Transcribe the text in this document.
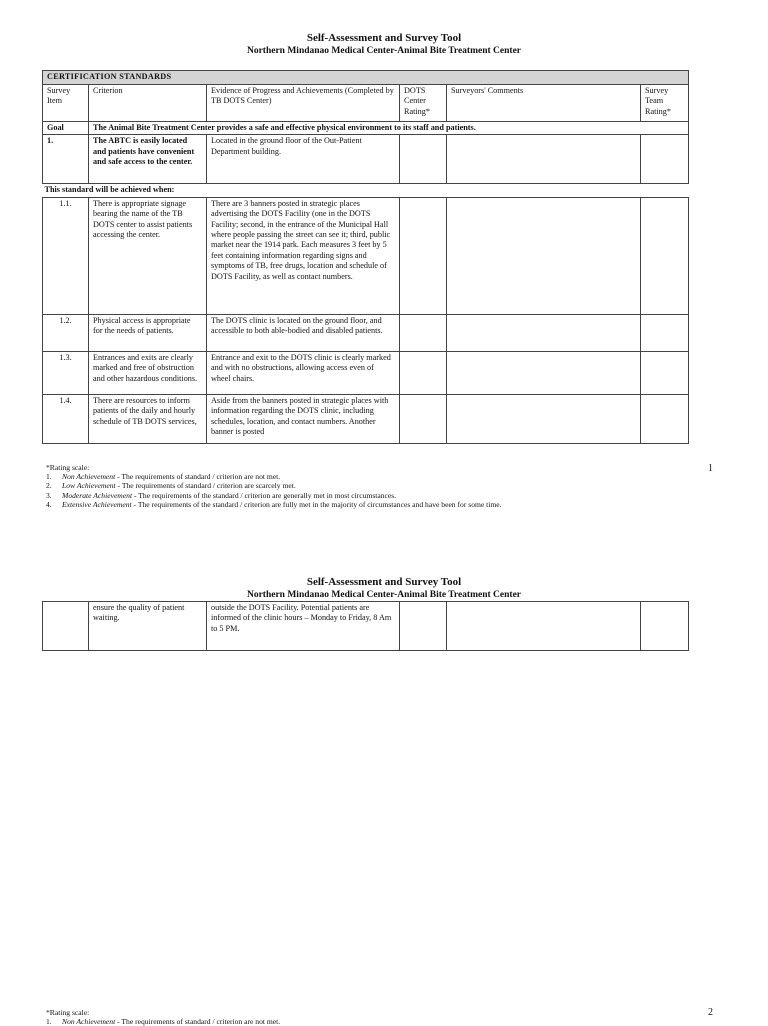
Self-Assessment and Survey Tool
Northern Mindanao Medical Center-Animal Bite Treatment Center
CERTIFICATION STANDARDS					
Survey Item	Criterion	Evidence of Progress and Achievements (Completed by TB DOTS Center)	DOTS Center Rating*	Surveyors' Comments	Survey Team Rating*
Goal	The Animal Bite Treatment Center provides a safe and effective physical environment to its staff and patients.				
1.	The ABTC is easily located and patients have convenient and safe access to the center.	Located in the ground floor of the Out-Patient Department building.			
This standard will be achieved when:					
1.1.	There is appropriate signage bearing the name of the TB DOTS center to assist patients accessing the center.	There are 3 banners posted in strategic places advertising the DOTS Facility (one in the DOTS Facility; second, in the entrance of the Municipal Hall where people passing the street can see it; third, public market near the 1914 park. Each measures 3 feet by 5 feet containing information regarding signs and symptoms of TB, free drugs, location and schedule of DOTS Facility, as well as contact numbers.			
1.2.	Physical access is appropriate for the needs of patients.	The DOTS clinic is located on the ground floor, and accessible to both able-bodied and disabled patients.			
1.3.	Entrances and exits are clearly marked and free of obstruction and other hazardous conditions.	Entrance and exit to the DOTS clinic is clearly marked and with no obstructions, allowing access even of wheel chairs.			
1.4.	There are resources to inform patients of the daily and hourly schedule of TB DOTS services,	Aside from the banners posted in strategic places with information regarding the DOTS clinic, including schedules, location, and contact numbers. Another banner is posted			
*Rating scale:
1. Non Achievement - The requirements of standard / criterion are not met.
2. Low Achievement - The requirements of standard / criterion are scarcely met.
3. Moderate Achievement - The requirements of the standard / criterion are generally met in most circumstances.
4. Extensive Achievement - The requirements of the standard / criterion are fully met in the majority of circumstances and have been for some time.
1
Self-Assessment and Survey Tool
Northern Mindanao Medical Center-Animal Bite Treatment Center
	ensure the quality of patient waiting.	outside the DOTS Facility. Potential patients are informed of the clinic hours – Monday to Friday, 8 Am to 5 PM.			
*Rating scale:
1. Non Achievement - The requirements of standard / criterion are not met.
2
